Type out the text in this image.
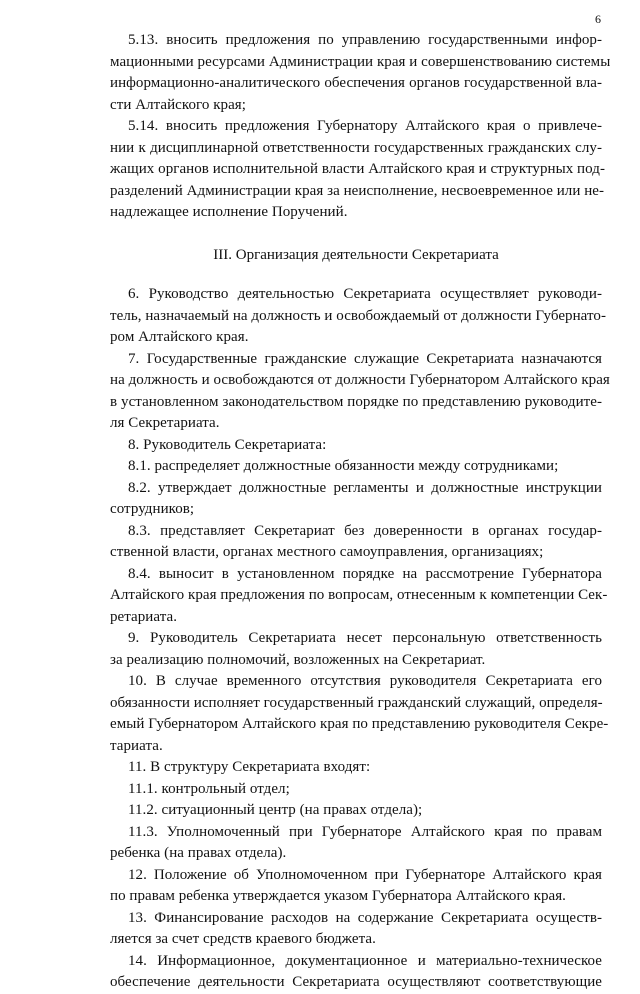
6
5.13. вносить предложения по управлению государственными инфор-
мационными ресурсами Администрации края и совершенствованию системы
информационно-аналитического обеспечения органов государственной вла-
сти Алтайского края;
5.14. вносить предложения Губернатору Алтайского края о привлече-
нии к дисциплинарной ответственности государственных гражданских слу-
жащих органов исполнительной власти Алтайского края и структурных под-
разделений Администрации края за неисполнение, несвоевременное или не-
надлежащее исполнение Поручений.
III. Организация деятельности Секретариата
6. Руководство деятельностью Секретариата осуществляет руководи-
тель, назначаемый на должность и освобождаемый от должности Губернато-
ром Алтайского края.
7. Государственные гражданские служащие Секретариата назначаются
на должность и освобождаются от должности Губернатором Алтайского края
в установленном законодательством порядке по представлению руководите-
ля Секретариата.
8. Руководитель Секретариата:
8.1. распределяет должностные обязанности между сотрудниками;
8.2. утверждает должностные регламенты и должностные инструкции
сотрудников;
8.3. представляет Секретариат без доверенности в органах государ-
ственной власти, органах местного самоуправления, организациях;
8.4. выносит в установленном порядке на рассмотрение Губернатора
Алтайского края предложения по вопросам, отнесенным к компетенции Сек-
ретариата.
9. Руководитель Секретариата несет персональную ответственность
за реализацию полномочий, возложенных на Секретариат.
10. В случае временного отсутствия руководителя Секретариата его
обязанности исполняет государственный гражданский служащий, определя-
емый Губернатором Алтайского края по представлению руководителя Секре-
тариата.
11. В структуру Секретариата входят:
11.1. контрольный отдел;
11.2. ситуационный центр (на правах отдела);
11.3. Уполномоченный при Губернаторе Алтайского края по правам
ребенка (на правах отдела).
12. Положение об Уполномоченном при Губернаторе Алтайского края
по правам ребенка утверждается указом Губернатора Алтайского края.
13. Финансирование расходов на содержание Секретариата осуществ-
ляется за счет средств краевого бюджета.
14. Информационное, документационное и материально-техническое
обеспечение деятельности Секретариата осуществляют соответствующие
